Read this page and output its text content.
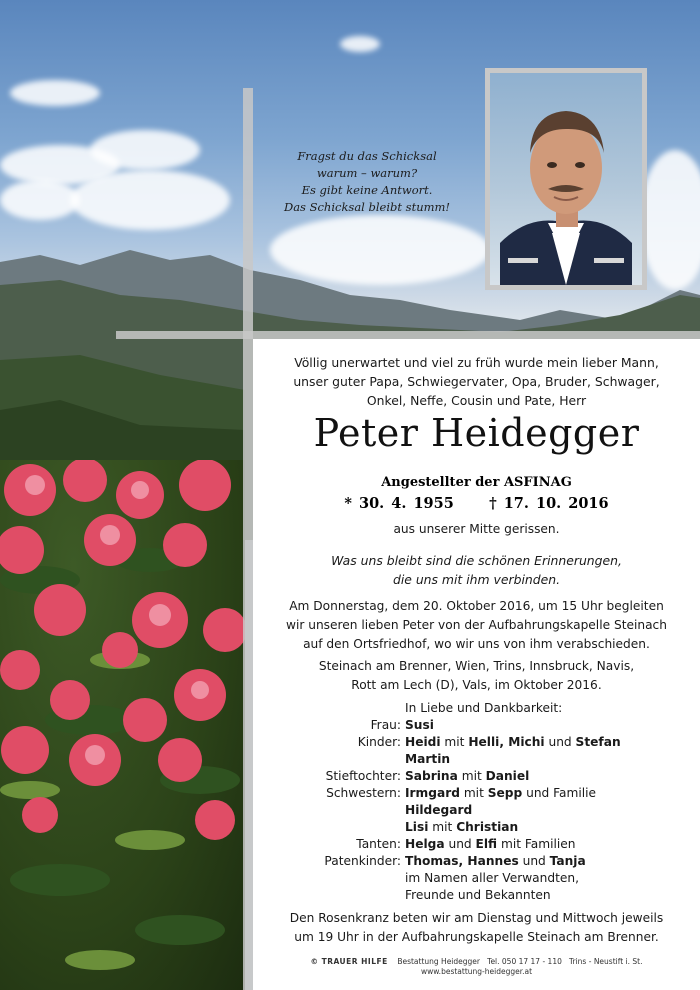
Fragst du das Schicksal
warum – warum?
Es gibt keine Antwort.
Das Schicksal bleibt stumm!
Völlig unerwartet und viel zu früh wurde mein lieber Mann,
unser guter Papa, Schwiegervater, Opa, Bruder, Schwager,
Onkel, Neffe, Cousin und Pate, Herr
Peter Heidegger
Angestellter der ASFINAG
* 30. 4. 1955 † 17. 10. 2016
aus unserer Mitte gerissen.
Was uns bleibt sind die schönen Erinnerungen,
die uns mit ihm verbinden.
Am Donnerstag, dem 20. Oktober 2016, um 15 Uhr begleiten
wir unseren lieben Peter von der Aufbahrungskapelle Steinach
auf den Ortsfriedhof, wo wir uns von ihm verabschieden.
Steinach am Brenner, Wien, Trins, Innsbruck, Navis,
Rott am Lech (D), Vals, im Oktober 2016.
In Liebe und Dankbarkeit:
Frau: Susi
Kinder: Heidi mit Helli, Michi und Stefan
Martin
Stieftochter: Sabrina mit Daniel
Schwestern: Irmgard mit Sepp und Familie
Hildegard
Lisi mit Christian
Tanten: Helga und Elfi mit Familien
Patenkinder: Thomas, Hannes und Tanja
im Namen aller Verwandten,
Freunde und Bekannten
Den Rosenkranz beten wir am Dienstag und Mittwoch jeweils
um 19 Uhr in der Aufbahrungskapelle Steinach am Brenner.
© TRAUER HILFE Bestattung Heidegger Tel. 050 17 17 - 110 Trins - Neustift i. St.
www.bestattung-heidegger.at
